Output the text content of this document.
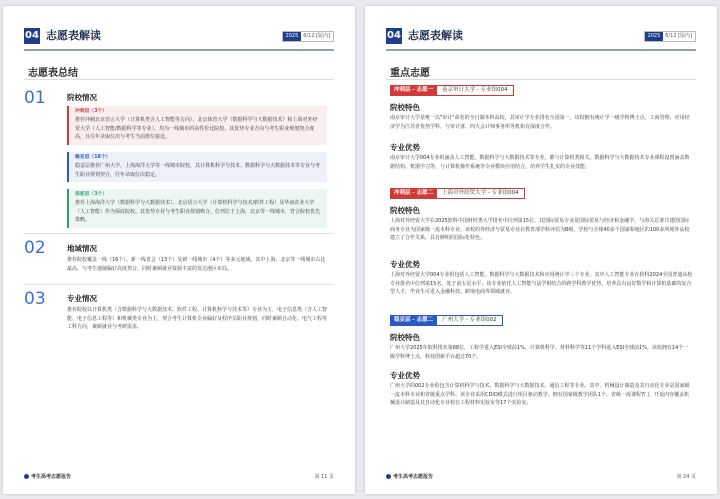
04 志愿表解读	2025 6/12 [版内]
志愿表总结
01	院校情况
冲刺层（3个）
推荐冲刺北京语言大学（计算机类含人工智能等方向）、北京体育大学（数据科学与大数据技术）和上海对外经贸大学（人工智能/数据科学等专业），均为一线城市的高性价比院校。其优势专业方向与考生职业规划契合度高，且往年录取位次与考生当前排位接近。
稳妥层（18个）
稳妥层推荐广州大学、上海海洋大学等一线城市院校，其计算机科学与技术、数据科学与大数据技术等专业与考生职业规划契合，往年录取位次稳定。
保底层（3个）
推荐上海海洋大学（数据科学与大数据技术）、北京语言大学（计算机科学与技术/软件工程）及华南农业大学（人工智能）作为保底院校。其优势专业与考生职业规划吻合，位列位于上海、北京等一线城市，符合院校优先策略。
02	地域情况
推荐院校覆盖一线（16个）、新一线省会（13个）及新一线城市（4个）等多元地域。其中上海、北京等一线城市占比最高，与考生地域偏好高度契合，同时兼顾就业资源丰富的发达地区布局。
03	专业情况
推荐院校以计算机类（含数据科学与大数据技术、软件工程、计算机科学与技术等）专业为主，电子信息类（含人工智能、电子信息工程等）和机械类专业为主，契合考生计算机专业偏好及程序员职业规划，同时兼顾自动化、电气工程等工科方向，兼顾就业与考研需求。
考生高考志愿报告	第 11 页
04 志愿表解读	2025 6/12 [版内]
重点志愿
冲刺层 - 志愿一 南京审计大学 - 专业组004
院校特色
南京审计大学是唯一以"审计"命名的全日制本科高校，其审计学专业排名全国第一。该校拥有统计学一级学科博士点，工商管理、应用经济学为江苏省优势学科，与审计署、四大会计师事务所等机构有深度合作。
专业优势
南京审计大学004专业组涵盖人工智能、数据科学与大数据技术等专业，都与计算机类相关。数据科学与大数据技术专业课程设置涵盖数据结构、机器学习等，与计算机操作系统等专业模块应用结合，培养学生扎实的专业技能。
冲刺层 - 志愿二 上海对外经贸大学 - 专业组004
院校特色
上海对外经贸大学在2025软科中国财经类大学排名中位列第15位，其国际贸易专业是国际贸易与经济和金融学，与海关总署共建的国际商务专业为国家级一流本科专业。该校的外经济与贸易专业在教育部学科评估为B级，学校与全球40多个国家和地区的100多所境外高校建立了合作关系，具有鲜明的国际化特色。
专业优势
上海对外经贸大学004专业组包括人工智能、数据科学与大数据技术和应用统计学三个专业，其中人工智能专业在软科2024全国普通高校专业排名中位列第15名，处于前五星水平。该专业依托人工智能与法学相结合的跨学科教学优势，培养具有良好数学和计算机基础的复合型人才，毕业生可进入金融科技、跨境电商等领域就业。
稳妥层 - 志愿二 广州大学 - 专业组002
院校特色
广州大学2025年软科排名第68位，工程学进入ESI全球前1%，计算机科学、材料科学等11个学科进入ESI全球前1%。该校拥有14个一级学科博士点，科技创新平台超过70个。
专业优势
广州大学的002专业组包含计算机科学与技术、数据科学与大数据技术、通信工程等专业。其中，机械设计制造及其自动化专业是国家级一流本科专业和省级重点学科。该专业采用CDIO模式进行项目驱动教学，拥有国家级教学团队1个、省级一流课程7门，开设内容覆盖机械设计制造及其自动化专业校在工程材料实验室等17个实验室。
考生高考志愿报告	第 24 页
